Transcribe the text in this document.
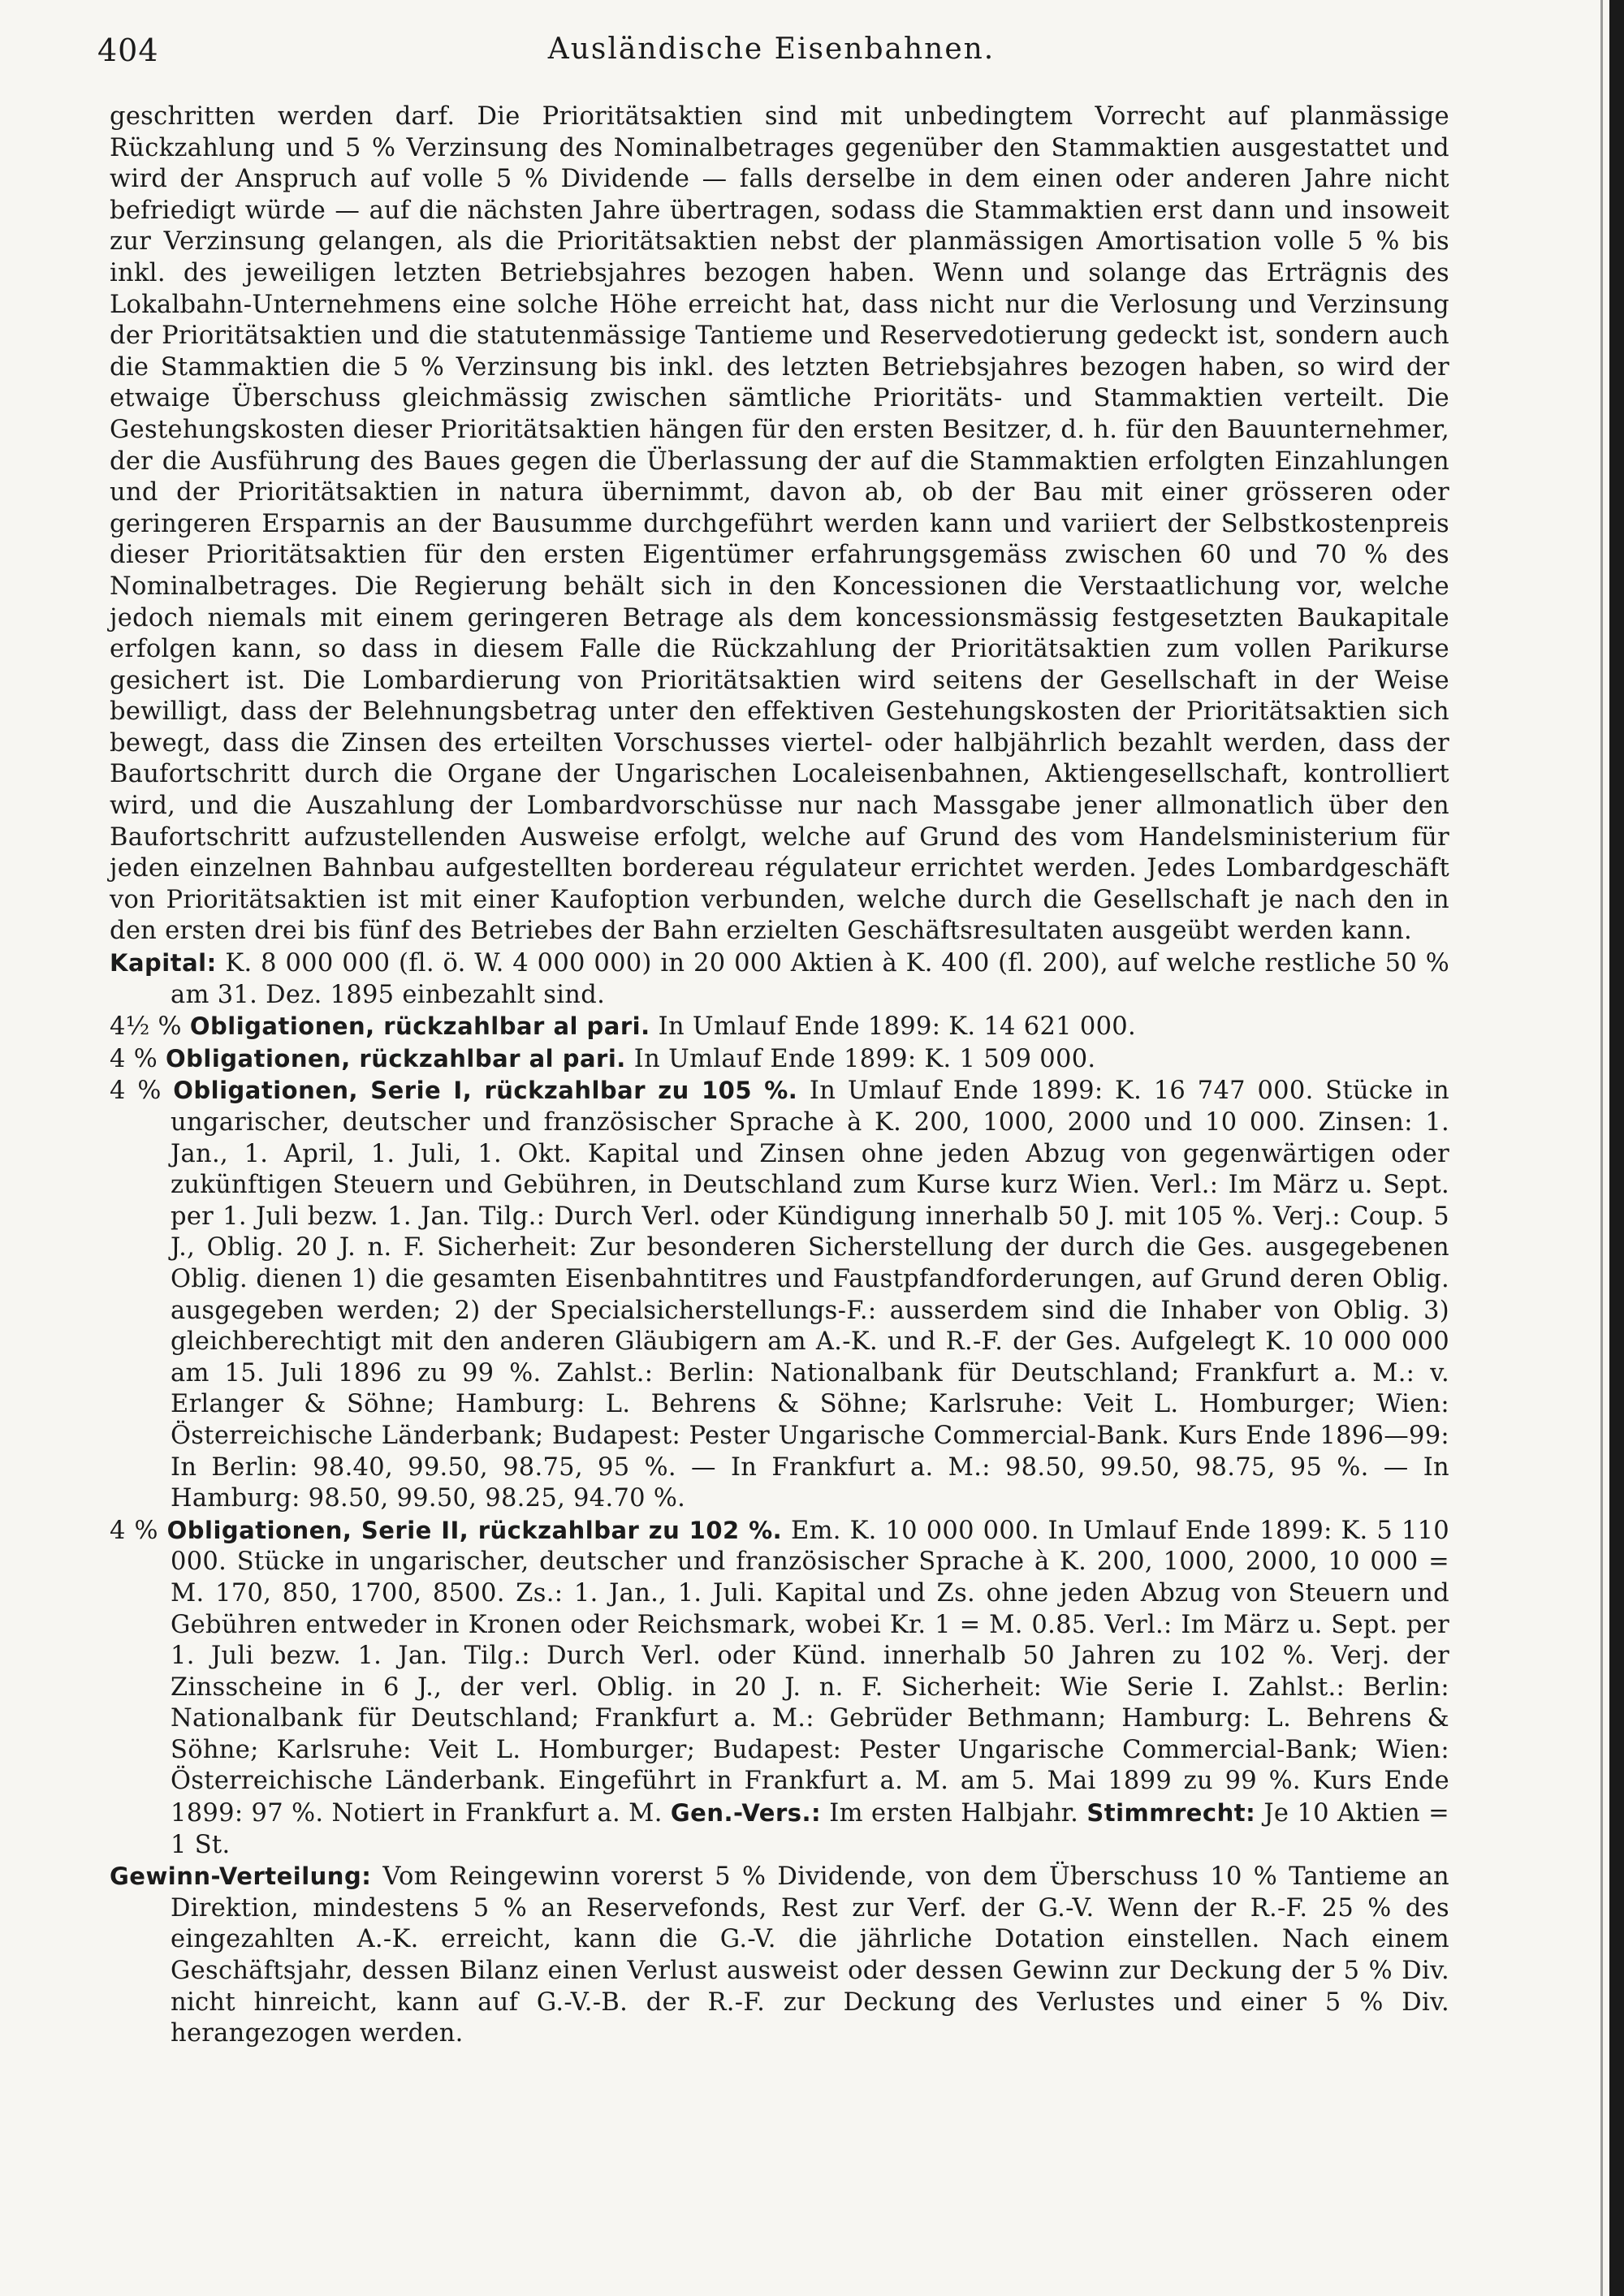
404	Ausländische Eisenbahnen.

geschritten werden darf. Die Prioritätsaktien sind mit unbedingtem Vorrecht auf planmässige Rückzahlung und 5 % Verzinsung des Nominalbetrages gegenüber den Stammaktien ausgestattet und wird der Anspruch auf volle 5 % Dividende — falls derselbe in dem einen oder anderen Jahre nicht befriedigt würde — auf die nächsten Jahre übertragen, sodass die Stammaktien erst dann und insoweit zur Verzinsung gelangen, als die Prioritätsaktien nebst der planmässigen Amortisation volle 5 % bis inkl. des jeweiligen letzten Betriebsjahres bezogen haben. Wenn und solange das Erträgnis des Lokalbahn-Unternehmens eine solche Höhe erreicht hat, dass nicht nur die Verlosung und Verzinsung der Prioritätsaktien und die statutenmässige Tantieme und Reservedotierung gedeckt ist, sondern auch die Stammaktien die 5 % Verzinsung bis inkl. des letzten Betriebsjahres bezogen haben, so wird der etwaige Überschuss gleichmässig zwischen sämtliche Prioritäts- und Stammaktien verteilt. Die Gestehungskosten dieser Prioritätsaktien hängen für den ersten Besitzer, d. h. für den Bauunternehmer, der die Ausführung des Baues gegen die Überlassung der auf die Stammaktien erfolgten Einzahlungen und der Prioritätsaktien in natura übernimmt, davon ab, ob der Bau mit einer grösseren oder geringeren Ersparnis an der Bausumme durchgeführt werden kann und variiert der Selbstkostenpreis dieser Prioritätsaktien für den ersten Eigentümer erfahrungsgemäss zwischen 60 und 70 % des Nominalbetrages. Die Regierung behält sich in den Koncessionen die Verstaatlichung vor, welche jedoch niemals mit einem geringeren Betrage als dem koncessionsmässig festgesetzten Baukapitale erfolgen kann, so dass in diesem Falle die Rückzahlung der Prioritätsaktien zum vollen Parikurse gesichert ist. Die Lombardierung von Prioritätsaktien wird seitens der Gesellschaft in der Weise bewilligt, dass der Belehnungsbetrag unter den effektiven Gestehungskosten der Prioritätsaktien sich bewegt, dass die Zinsen des erteilten Vorschusses viertel- oder halbjährlich bezahlt werden, dass der Baufortschritt durch die Organe der Ungarischen Localeisenbahnen, Aktiengesellschaft, kontrolliert wird, und die Auszahlung der Lombardvorschüsse nur nach Massgabe jener allmonatlich über den Baufortschritt aufzustellenden Ausweise erfolgt, welche auf Grund des vom Handelsministerium für jeden einzelnen Bahnbau aufgestellten bordereau régulateur errichtet werden. Jedes Lombardgeschäft von Prioritätsaktien ist mit einer Kaufoption verbunden, welche durch die Gesellschaft je nach den in den ersten drei bis fünf des Betriebes der Bahn erzielten Geschäftsresultaten ausgeübt werden kann.

Kapital: K. 8 000 000 (fl. ö. W. 4 000 000) in 20 000 Aktien à K. 400 (fl. 200), auf welche restliche 50 % am 31. Dez. 1895 einbezahlt sind.

4½ % Obligationen, rückzahlbar al pari. In Umlauf Ende 1899: K. 14 621 000.

4 % Obligationen, rückzahlbar al pari. In Umlauf Ende 1899: K. 1 509 000.

4 % Obligationen, Serie I, rückzahlbar zu 105 %. In Umlauf Ende 1899: K. 16 747 000. Stücke in ungarischer, deutscher und französischer Sprache à K. 200, 1000, 2000 und 10 000. Zinsen: 1. Jan., 1. April, 1. Juli, 1. Okt. Kapital und Zinsen ohne jeden Abzug von gegenwärtigen oder zukünftigen Steuern und Gebühren, in Deutschland zum Kurse kurz Wien. Verl.: Im März u. Sept. per 1. Juli bezw. 1. Jan. Tilg.: Durch Verl. oder Kündigung innerhalb 50 J. mit 105 %. Verj.: Coup. 5 J., Oblig. 20 J. n. F. Sicherheit: Zur besonderen Sicherstellung der durch die Ges. ausgegebenen Oblig. dienen 1) die gesamten Eisenbahntitres und Faustpfandforderungen, auf Grund deren Oblig. ausgegeben werden; 2) der Specialsicherstellungs-F.: ausserdem sind die Inhaber von Oblig. 3) gleichberechtigt mit den anderen Gläubigern am A.-K. und R.-F. der Ges. Aufgelegt K. 10 000 000 am 15. Juli 1896 zu 99 %. Zahlst.: Berlin: Nationalbank für Deutschland; Frankfurt a. M.: v. Erlanger & Söhne; Hamburg: L. Behrens & Söhne; Karlsruhe: Veit L. Homburger; Wien: Österreichische Länderbank; Budapest: Pester Ungarische Commercial-Bank. Kurs Ende 1896—99: In Berlin: 98.40, 99.50, 98.75, 95 %. — In Frankfurt a. M.: 98.50, 99.50, 98.75, 95 %. — In Hamburg: 98.50, 99.50, 98.25, 94.70 %.

4 % Obligationen, Serie II, rückzahlbar zu 102 %. Em. K. 10 000 000. In Umlauf Ende 1899: K. 5 110 000. Stücke in ungarischer, deutscher und französischer Sprache à K. 200, 1000, 2000, 10 000 = M. 170, 850, 1700, 8500. Zs.: 1. Jan., 1. Juli. Kapital und Zs. ohne jeden Abzug von Steuern und Gebühren entweder in Kronen oder Reichsmark, wobei Kr. 1 = M. 0.85. Verl.: Im März u. Sept. per 1. Juli bezw. 1. Jan. Tilg.: Durch Verl. oder Künd. innerhalb 50 Jahren zu 102 %. Verj. der Zinsscheine in 6 J., der verl. Oblig. in 20 J. n. F. Sicherheit: Wie Serie I. Zahlst.: Berlin: Nationalbank für Deutschland; Frankfurt a. M.: Gebrüder Bethmann; Hamburg: L. Behrens & Söhne; Karlsruhe: Veit L. Homburger; Budapest: Pester Ungarische Commercial-Bank; Wien: Österreichische Länderbank. Eingeführt in Frankfurt a. M. am 5. Mai 1899 zu 99 %. Kurs Ende 1899: 97 %. Notiert in Frankfurt a. M. Gen.-Vers.: Im ersten Halbjahr. Stimmrecht: Je 10 Aktien = 1 St.

Gewinn-Verteilung: Vom Reingewinn vorerst 5 % Dividende, von dem Überschuss 10 % Tantieme an Direktion, mindestens 5 % an Reservefonds, Rest zur Verf. der G.-V. Wenn der R.-F. 25 % des eingezahlten A.-K. erreicht, kann die G.-V. die jährliche Dotation einstellen. Nach einem Geschäftsjahr, dessen Bilanz einen Verlust ausweist oder dessen Gewinn zur Deckung der 5 % Div. nicht hinreicht, kann auf G.-V.-B. der R.-F. zur Deckung des Verlustes und einer 5 % Div. herangezogen werden.
